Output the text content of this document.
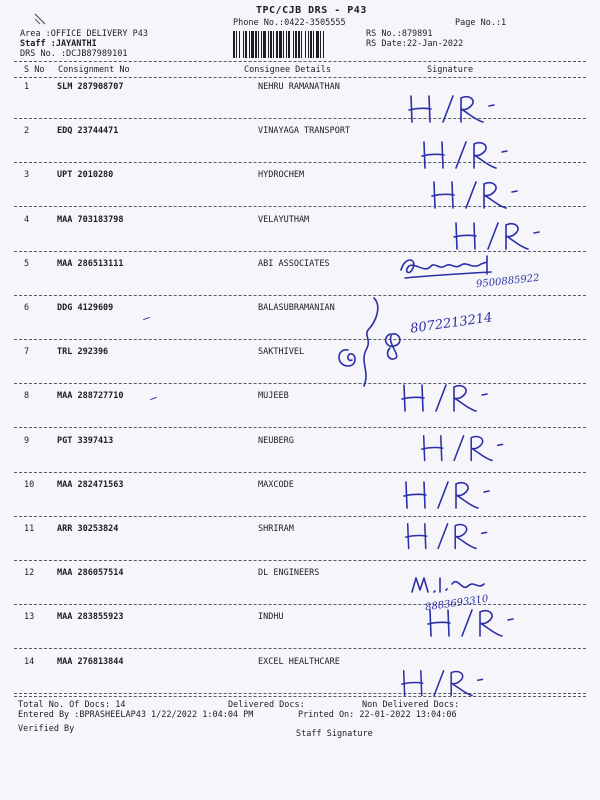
TPC/CJB DRS - P43
Phone No.:0422-3505555	Page No.:1
Area :OFFICE DELIVERY P43
Staff :JAYANTHI
DRS No. :DCJB87989101
RS No.:879891
RS Date:22-Jan-2022
S No Consignment No	Consignee Details	Signature
1	SLM 287908707	NEHRU RAMANATHAN
2	EDQ 23744471	VINAYAGA TRANSPORT
3	UPT 2010280	HYDROCHEM
4	MAA 703183798	VELAYUTHAM
5	MAA 286513111	ABI ASSOCIATES
6	DDG 4129609	BALASUBRAMANIAN
7	TRL 292396	SAKTHIVEL
8	MAA 288727710	MUJEEB
9	PGT 3397413	NEUBERG
10	MAA 282471563	MAXCODE
11	ARR 30253824	SHRIRAM
12	MAA 286057514	DL ENGINEERS
13	MAA 283855923	INDHU
14	MAA 276813844	EXCEL HEALTHCARE
9500885922
8072213214
8883693310
Total No. Of Docs: 14	Delivered Docs:	Non Delivered Docs:
Entered By :BPRASHEELAP43 1/22/2022 1:04:04 PM	Printed On: 22-01-2022 13:04:06
Verified By	Staff Signature
